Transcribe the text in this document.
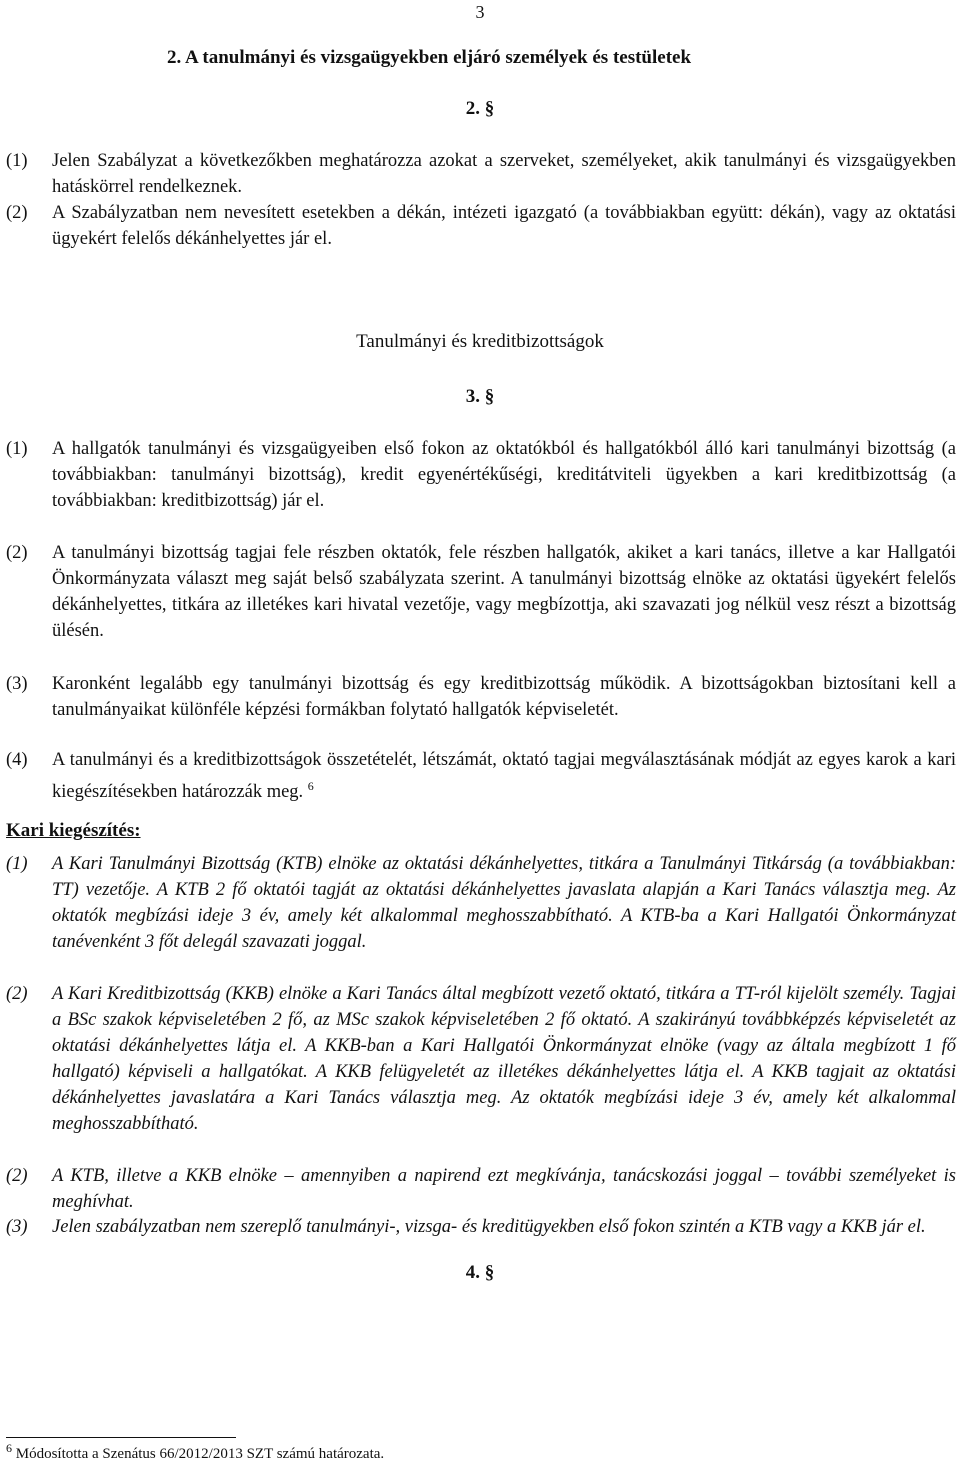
3
2. A tanulmányi és vizsgaügyekben eljáró személyek és testületek
2. §
(1)	Jelen Szabályzat a következőkben meghatározza azokat a szerveket, személyeket, akik tanulmányi és vizsgaügyekben hatáskörrel rendelkeznek.
(2)	A Szabályzatban nem nevesített esetekben a dékán, intézeti igazgató (a továbbiakban együtt: dékán), vagy az oktatási ügyekért felelős dékánhelyettes jár el.
Tanulmányi és kreditbizottságok
3. §
(1)	A hallgatók tanulmányi és vizsgaügyeiben első fokon az oktatókból és hallgatókból álló kari tanulmányi bizottság (a továbbiakban: tanulmányi bizottság), kredit egyenértékűségi, kreditátviteli ügyekben a kari kreditbizottság (a továbbiakban: kreditbizottság) jár el.
(2)	A tanulmányi bizottság tagjai fele részben oktatók, fele részben hallgatók, akiket a kari tanács, illetve a kar Hallgatói Önkormányzata választ meg saját belső szabályzata szerint. A tanulmányi bizottság elnöke az oktatási ügyekért felelős dékánhelyettes, titkára az illetékes kari hivatal vezetője, vagy megbízottja, aki szavazati jog nélkül vesz részt a bizottság ülésén.
(3)	Karonként legalább egy tanulmányi bizottság és egy kreditbizottság működik. A bizottságokban biztosítani kell a tanulmányaikat különféle képzési formákban folytató hallgatók képviseletét.
(4)	A tanulmányi és a kreditbizottságok összetételét, létszámát, oktató tagjai megválasztásának módját az egyes karok a kari kiegészítésekben határozzák meg. $^6$
Kari kiegészítés:
(1)	A Kari Tanulmányi Bizottság (KTB) elnöke az oktatási dékánhelyettes, titkára a Tanulmányi Titkárság (a továbbiakban: TT) vezetője. A KTB 2 fő oktatói tagját az oktatási dékánhelyettes javaslata alapján a Kari Tanács választja meg. Az oktatók megbízási ideje 3 év, amely két alkalommal meghosszabbítható. A KTB-ba a Kari Hallgatói Önkormányzat tanévenként 3 főt delegál szavazati joggal.
(2)	A Kari Kreditbizottság (KKB) elnöke a Kari Tanács által megbízott vezető oktató, titkára a TT-ról kijelölt személy. Tagjai a BSc szakok képviseletében 2 fő, az MSc szakok képviseletében 2 fő oktató. A szakirányú továbbképzés képviseletét az oktatási dékánhelyettes látja el. A KKB-ban a Kari Hallgatói Önkormányzat elnöke (vagy az általa megbízott 1 fő hallgató) képviseli a hallgatókat. A KKB felügyeletét az illetékes dékánhelyettes látja el. A KKB tagjait az oktatási dékánhelyettes javaslatára a Kari Tanács választja meg. Az oktatók megbízási ideje 3 év, amely két alkalommal meghosszabbítható.
(2)	A KTB, illetve a KKB elnöke – amennyiben a napirend ezt megkívánja, tanácskozási joggal – további személyeket is meghívhat.
(3)	Jelen szabályzatban nem szereplő tanulmányi-, vizsga- és kreditügyekben első fokon szintén a KTB vagy a KKB jár el.
4. §
$^6$ Módosította a Szenátus 66/2012/2013 SZT számú határozata.
